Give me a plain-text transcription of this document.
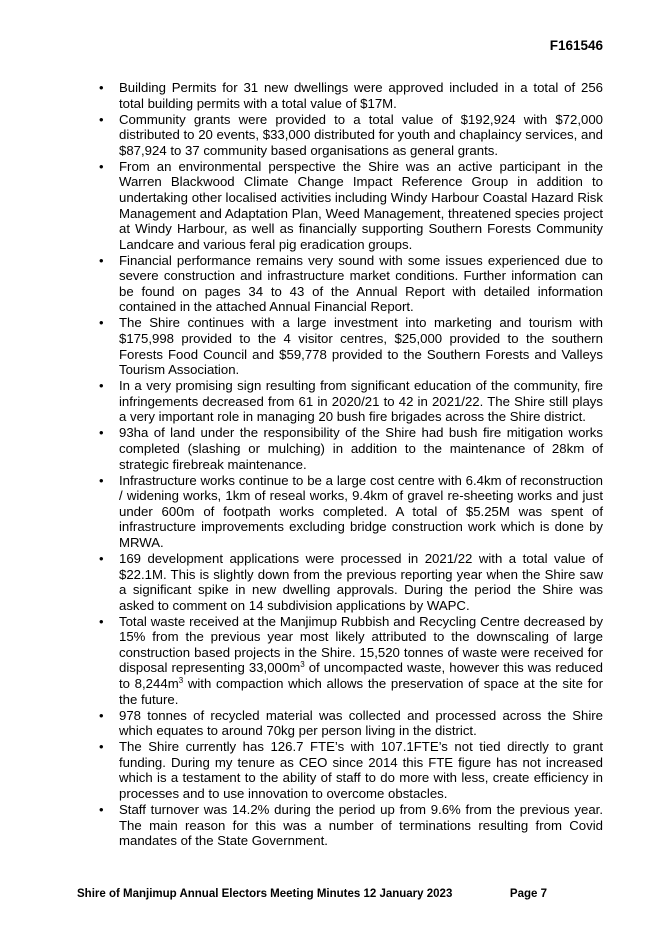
F161546
• Building Permits for 31 new dwellings were approved included in a total of 256 total building permits with a total value of $17M.
• Community grants were provided to a total value of $192,924 with $72,000 distributed to 20 events, $33,000 distributed for youth and chaplaincy services, and $87,924 to 37 community based organisations as general grants.
• From an environmental perspective the Shire was an active participant in the Warren Blackwood Climate Change Impact Reference Group in addition to undertaking other localised activities including Windy Harbour Coastal Hazard Risk Management and Adaptation Plan, Weed Management, threatened species project at Windy Harbour, as well as financially supporting Southern Forests Community Landcare and various feral pig eradication groups.
• Financial performance remains very sound with some issues experienced due to severe construction and infrastructure market conditions. Further information can be found on pages 34 to 43 of the Annual Report with detailed information contained in the attached Annual Financial Report.
• The Shire continues with a large investment into marketing and tourism with $175,998 provided to the 4 visitor centres, $25,000 provided to the southern Forests Food Council and $59,778 provided to the Southern Forests and Valleys Tourism Association.
• In a very promising sign resulting from significant education of the community, fire infringements decreased from 61 in 2020/21 to 42 in 2021/22. The Shire still plays a very important role in managing 20 bush fire brigades across the Shire district.
• 93ha of land under the responsibility of the Shire had bush fire mitigation works completed (slashing or mulching) in addition to the maintenance of 28km of strategic firebreak maintenance.
• Infrastructure works continue to be a large cost centre with 6.4km of reconstruction / widening works, 1km of reseal works, 9.4km of gravel re-sheeting works and just under 600m of footpath works completed. A total of $5.25M was spent of infrastructure improvements excluding bridge construction work which is done by MRWA.
• 169 development applications were processed in 2021/22 with a total value of $22.1M. This is slightly down from the previous reporting year when the Shire saw a significant spike in new dwelling approvals. During the period the Shire was asked to comment on 14 subdivision applications by WAPC.
• Total waste received at the Manjimup Rubbish and Recycling Centre decreased by 15% from the previous year most likely attributed to the downscaling of large construction based projects in the Shire. 15,520 tonnes of waste were received for disposal representing $33,000m^3$ of uncompacted waste, however this was reduced to $8,244m^3$ with compaction which allows the preservation of space at the site for the future.
• 978 tonnes of recycled material was collected and processed across the Shire which equates to around 70kg per person living in the district.
• The Shire currently has 126.7 FTE’s with 107.1FTE’s not tied directly to grant funding. During my tenure as CEO since 2014 this FTE figure has not increased which is a testament to the ability of staff to do more with less, create efficiency in processes and to use innovation to overcome obstacles.
• Staff turnover was 14.2% during the period up from 9.6% from the previous year. The main reason for this was a number of terminations resulting from Covid mandates of the State Government.
Shire of Manjimup Annual Electors Meeting Minutes 12 January 2023	Page 7
